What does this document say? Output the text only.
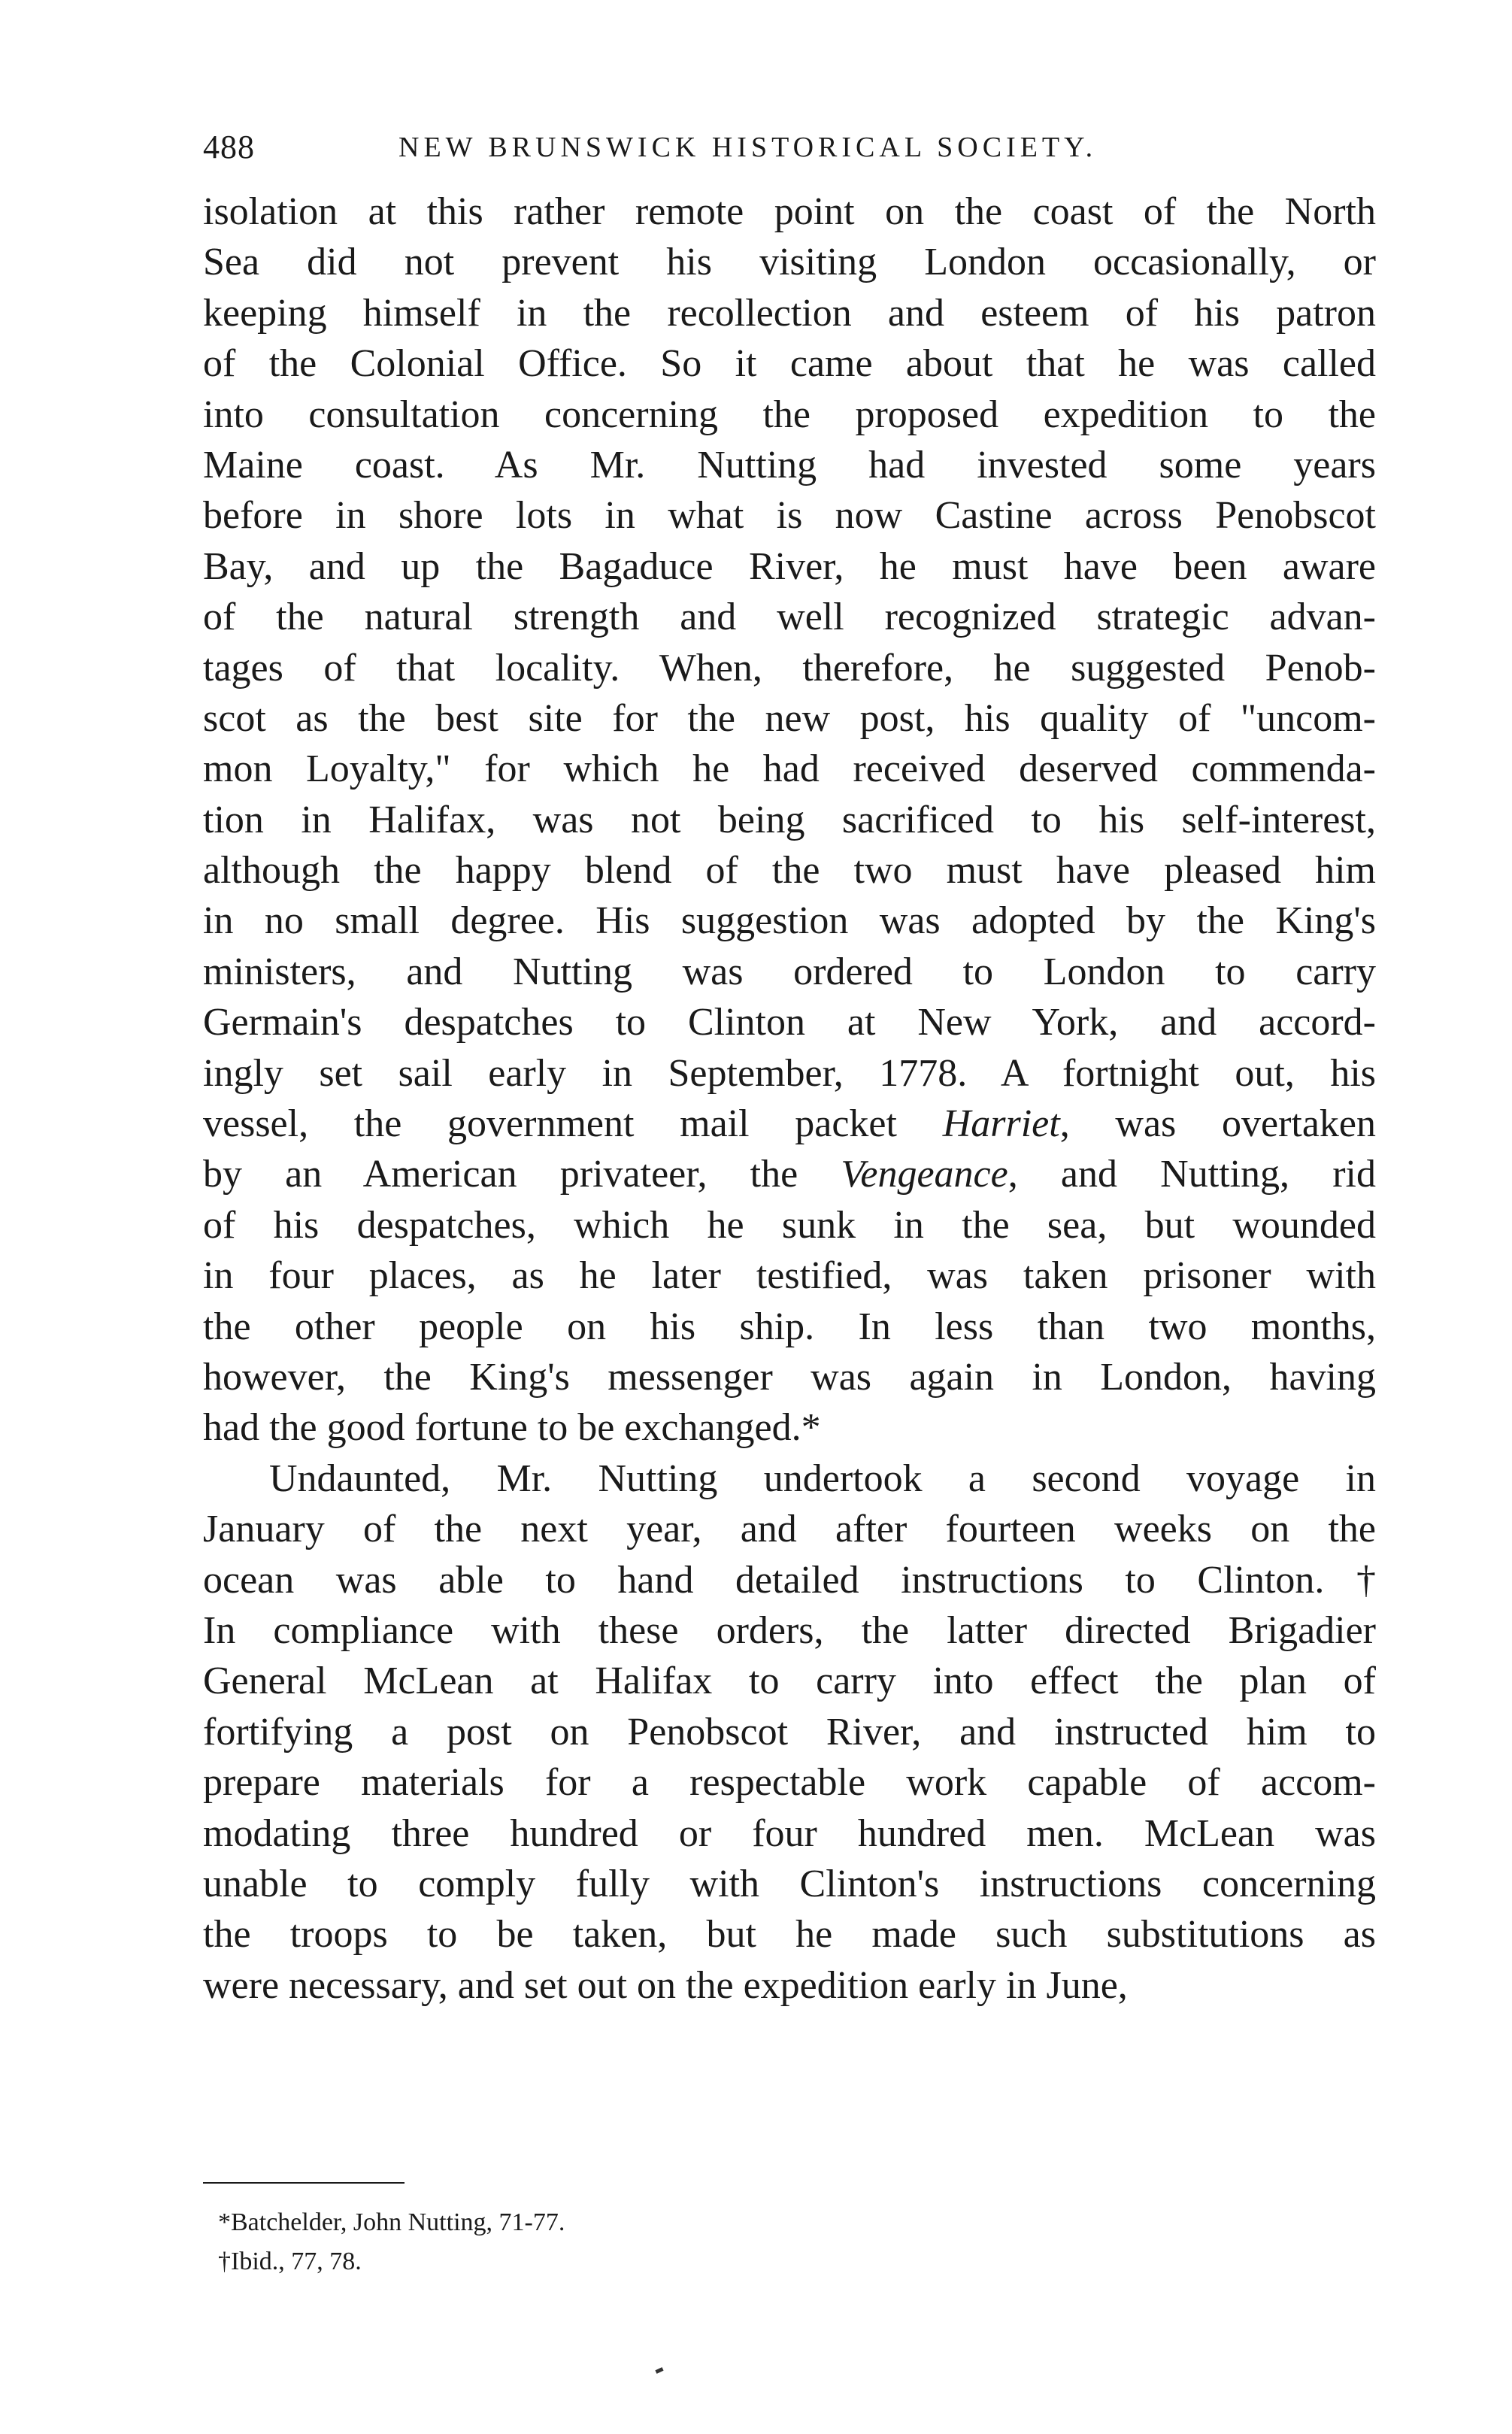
488	NEW BRUNSWICK HISTORICAL SOCIETY.
isolation at this rather remote point on the coast of the North
Sea did not prevent his visiting London occasionally, or
keeping himself in the recollection and esteem of his patron
of the Colonial Office. So it came about that he was called
into consultation concerning the proposed expedition to the
Maine coast. As Mr. Nutting had invested some years
before in shore lots in what is now Castine across Penobscot
Bay, and up the Bagaduce River, he must have been aware
of the natural strength and well recognized strategic advan-
tages of that locality. When, therefore, he suggested Penob-
scot as the best site for the new post, his quality of "uncom-
mon Loyalty," for which he had received deserved commenda-
tion in Halifax, was not being sacrificed to his self-interest,
although the happy blend of the two must have pleased him
in no small degree. His suggestion was adopted by the King's
ministers, and Nutting was ordered to London to carry
Germain's despatches to Clinton at New York, and accord-
ingly set sail early in September, 1778. A fortnight out, his
vessel, the government mail packet Harriet, was overtaken
by an American privateer, the Vengeance, and Nutting, rid
of his despatches, which he sunk in the sea, but wounded
in four places, as he later testified, was taken prisoner with
the other people on his ship. In less than two months,
however, the King's messenger was again in London, having
had the good fortune to be exchanged.*
Undaunted, Mr. Nutting undertook a second voyage in
January of the next year, and after fourteen weeks on the
ocean was able to hand detailed instructions to Clinton.†
In compliance with these orders, the latter directed Brigadier
General McLean at Halifax to carry into effect the plan of
fortifying a post on Penobscot River, and instructed him to
prepare materials for a respectable work capable of accom-
modating three hundred or four hundred men. McLean was
unable to comply fully with Clinton's instructions concerning
the troops to be taken, but he made such substitutions as
were necessary, and set out on the expedition early in June,
*Batchelder, John Nutting, 71-77.
†Ibid., 77, 78.
